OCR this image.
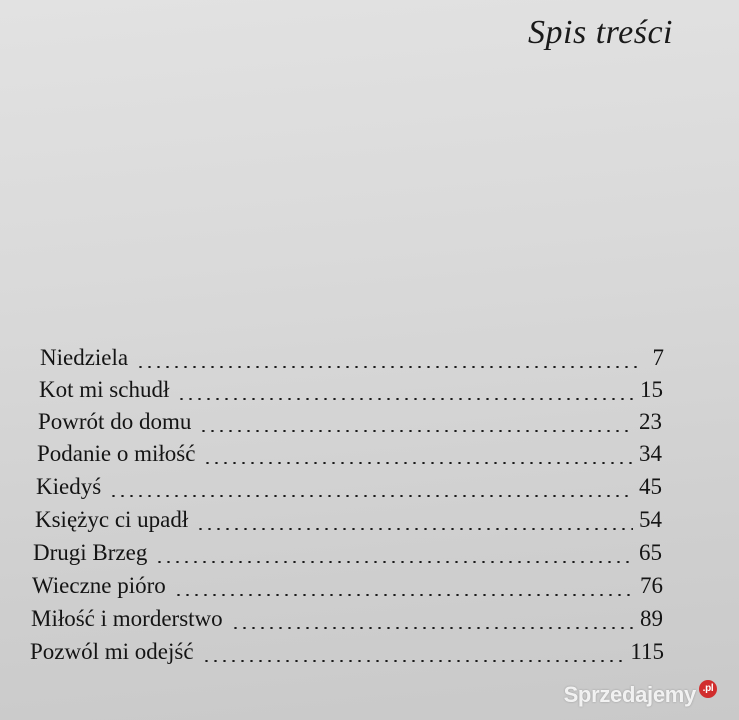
Spis treści
Niedziela	7
Kot mi schudł	15
Powrót do domu	23
Podanie o miłość	34
Kiedyś	45
Księżyc ci upadł	54
Drugi Brzeg	65
Wieczne pióro	76
Miłość i morderstwo	89
Pozwól mi odejść	115
Sprzedajemy .pl
